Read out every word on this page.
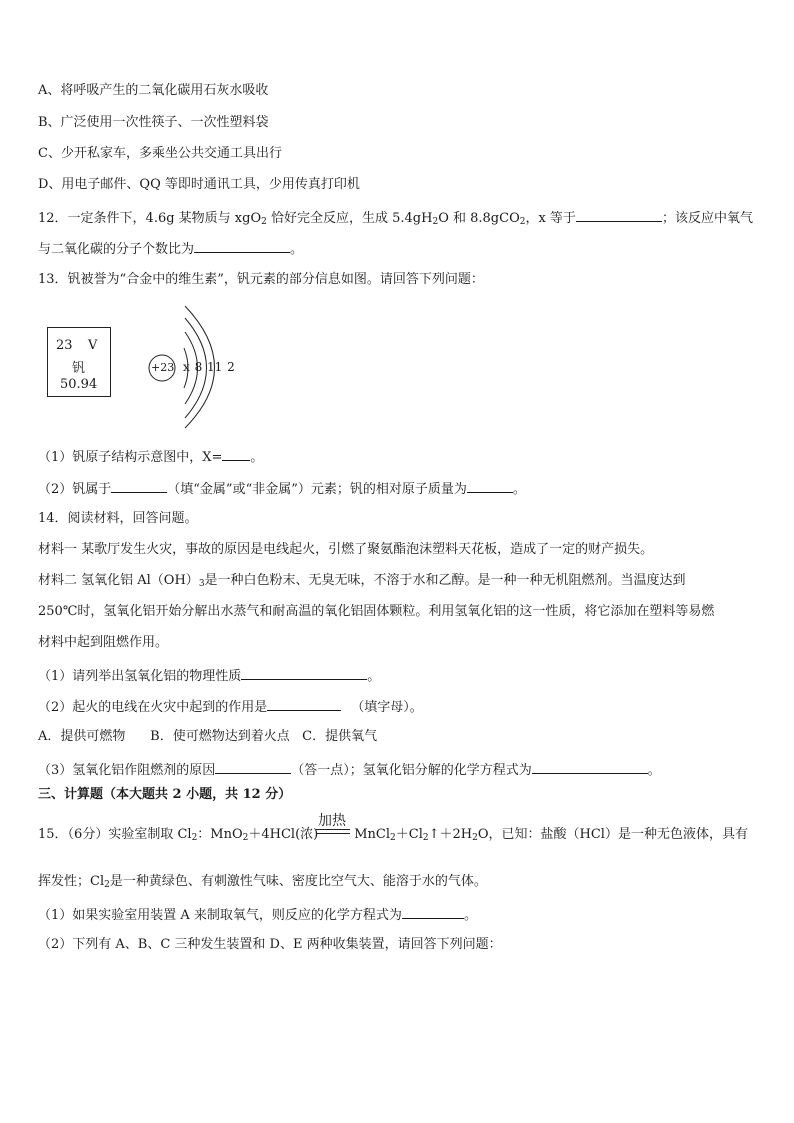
A、将呼吸产生的二氧化碳用石灰水吸收
B、广泛使用一次性筷子、一次性塑料袋
C、少开私家车，多乘坐公共交通工具出行
D、用电子邮件、QQ 等即时通讯工具，少用传真打印机
12．一定条件下，4.6g 某物质与 xgO$_2$ 恰好完全反应，生成 $5.4gH_2O$ 和 8.8gCO$_2$，x 等于	；该反应中氧气
与二氧化碳的分子个数比为	。
13．钒被誉为“合金中的维生素”，钒元素的部分信息如图。请回答下列问题：
23 V
钒
50.94
+23 x 8 11 2
（1）钒原子结构示意图中，X= 。
（2）钒属于	（填“金属”或“非金属”）元素；钒的相对原子质量为	。
14．阅读材料，回答问题。
材料一 某歌厅发生火灾，事故的原因是电线起火，引燃了聚氨酯泡沫塑料天花板，造成了一定的财产损失。
材料二 氢氧化铝 $Al(OH)_3$是一种白色粉末、无臭无味，不溶于水和乙醇。是一种一种无机阻燃剂。当温度达到
250℃时，氢氧化铝开始分解出水蒸气和耐高温的氧化铝固体颗粒。利用氢氧化铝的这一性质，将它添加在塑料等易燃
材料中起到阻燃作用。
（1）请列举出氢氧化铝的物理性质	。
（2）起火的电线在火灾中起到的作用是	（填字母）。
A．提供可燃物      B．使可燃物达到着火点   C．提供氧气
（3）氢氧化铝作阻燃剂的原因	（答一点）；氢氧化铝分解的化学方程式为	。
三、计算题（本大题共 2 小题，共 12 分）
加热
15．（6分）实验室制取 $Cl_2$：MnO$_2$＋4HCl(浓)	$MnCl_2+Cl_2↑+2H_2O$，已知：盐酸（HCl）是一种无色液体，具有
挥发性；$Cl_2$是一种黄绿色、有刺激性气味、密度比空气大、能溶于水的气体。
（1）如果实验室用装置 A 来制取氧气，则反应的化学方程式为	。
（2）下列有 A、B、C 三种发生装置和 D、E 两种收集装置，请回答下列问题：
